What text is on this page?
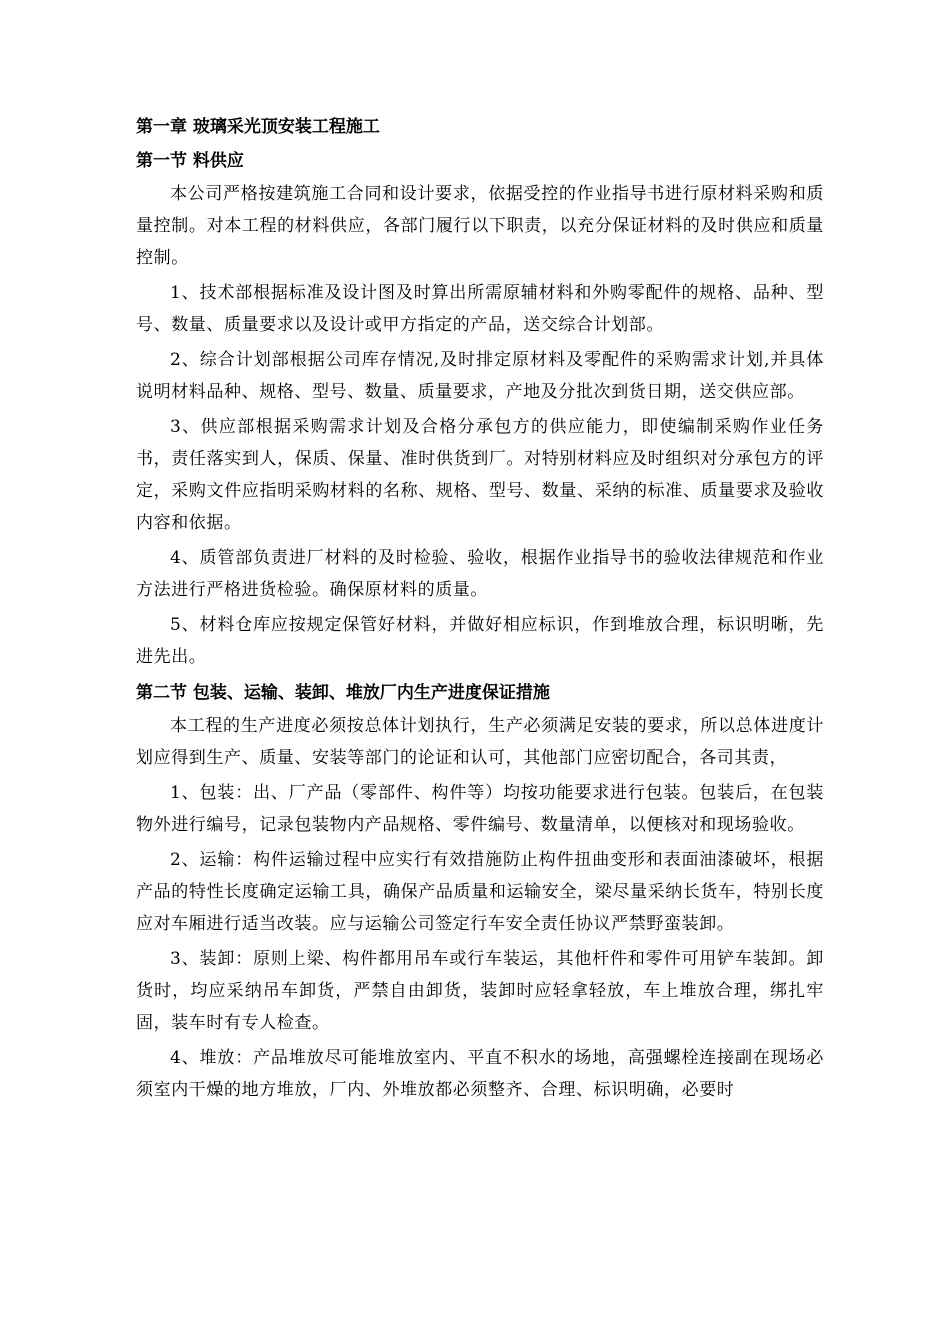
第一章 玻璃采光顶安装工程施工
第一节 料供应

本公司严格按建筑施工合同和设计要求，依据受控的作业指导书进行原材料采购和质量控制。对本工程的材料供应，各部门履行以下职责，以充分保证材料的及时供应和质量控制。

1、技术部根据标准及设计图及时算出所需原辅材料和外购零配件的规格、品种、型号、数量、质量要求以及设计或甲方指定的产品，送交综合计划部。

2、综合计划部根据公司库存情况,及时排定原材料及零配件的采购需求计划,并具体说明材料品种、规格、型号、数量、质量要求，产地及分批次到货日期，送交供应部。

3、供应部根据采购需求计划及合格分承包方的供应能力，即使编制采购作业任务书，责任落实到人，保质、保量、准时供货到厂。对特别材料应及时组织对分承包方的评定，采购文件应指明采购材料的名称、规格、型号、数量、采纳的标准、质量要求及验收内容和依据。

4、质管部负责进厂材料的及时检验、验收，根据作业指导书的验收法律规范和作业方法进行严格进货检验。确保原材料的质量。

5、材料仓库应按规定保管好材料，并做好相应标识，作到堆放合理，标识明晰，先进先出。

第二节 包装、运输、装卸、堆放厂内生产进度保证措施

本工程的生产进度必须按总体计划执行，生产必须满足安装的要求，所以总体进度计划应得到生产、质量、安装等部门的论证和认可，其他部门应密切配合，各司其责，

1、包装：出、厂产品（零部件、构件等）均按功能要求进行包装。包装后，在包装物外进行编号，记录包装物内产品规格、零件编号、数量清单，以便核对和现场验收。

2、运输：构件运输过程中应实行有效措施防止构件扭曲变形和表面油漆破坏，根据产品的特性长度确定运输工具，确保产品质量和运输安全，梁尽量采纳长货车，特别长度应对车厢进行适当改装。应与运输公司签定行车安全责任协议严禁野蛮装卸。

3、装卸：原则上梁、构件都用吊车或行车装运，其他杆件和零件可用铲车装卸。卸货时，均应采纳吊车卸货，严禁自由卸货，装卸时应轻拿轻放，车上堆放合理，绑扎牢固，装车时有专人检查。

4、堆放：产品堆放尽可能堆放室内、平直不积水的场地，高强螺栓连接副在现场必须室内干燥的地方堆放，厂内、外堆放都必须整齐、合理、标识明确，必要时
